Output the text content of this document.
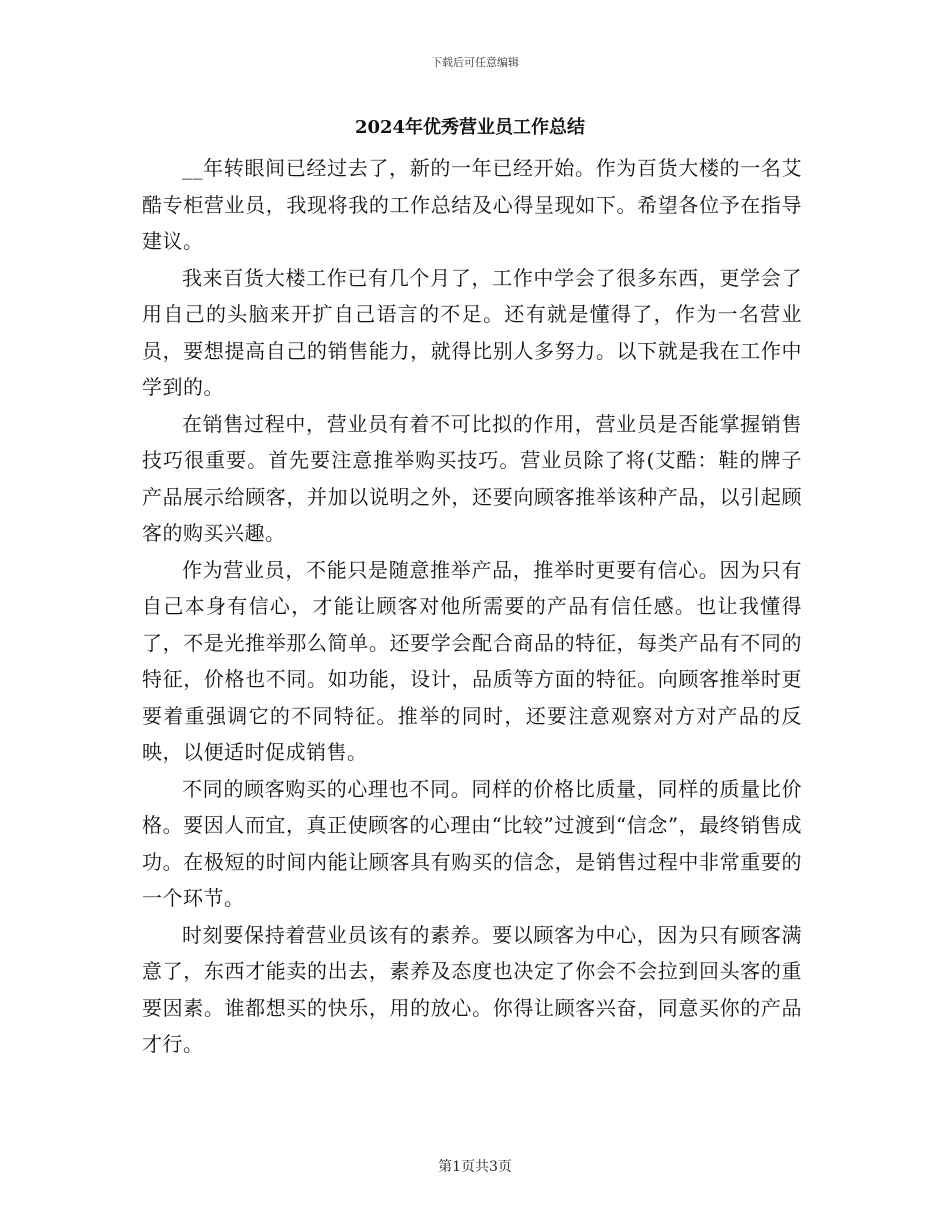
下载后可任意编辑
2024年优秀营业员工作总结

__年转眼间已经过去了，新的一年已经开始。作为百货大楼的一名艾酷专柜营业员，我现将我的工作总结及心得呈现如下。希望各位予在指导建议。

我来百货大楼工作已有几个月了，工作中学会了很多东西，更学会了用自己的头脑来开扩自己语言的不足。还有就是懂得了，作为一名营业员，要想提高自己的销售能力，就得比别人多努力。以下就是我在工作中学到的。

在销售过程中，营业员有着不可比拟的作用，营业员是否能掌握销售技巧很重要。首先要注意推举购买技巧。营业员除了将(艾酷：鞋的牌子产品展示给顾客，并加以说明之外，还要向顾客推举该种产品，以引起顾客的购买兴趣。

作为营业员，不能只是随意推举产品，推举时更要有信心。因为只有自己本身有信心，才能让顾客对他所需要的产品有信任感。也让我懂得了，不是光推举那么简单。还要学会配合商品的特征，每类产品有不同的特征，价格也不同。如功能，设计，品质等方面的特征。向顾客推举时更要着重强调它的不同特征。推举的同时，还要注意观察对方对产品的反映，以便适时促成销售。

不同的顾客购买的心理也不同。同样的价格比质量，同样的质量比价格。要因人而宜，真正使顾客的心理由“比较”过渡到“信念”，最终销售成功。在极短的时间内能让顾客具有购买的信念，是销售过程中非常重要的一个环节。

时刻要保持着营业员该有的素养。要以顾客为中心，因为只有顾客满意了，东西才能卖的出去，素养及态度也决定了你会不会拉到回头客的重要因素。谁都想买的快乐，用的放心。你得让顾客兴奋，同意买你的产品才行。

第1页共3页
